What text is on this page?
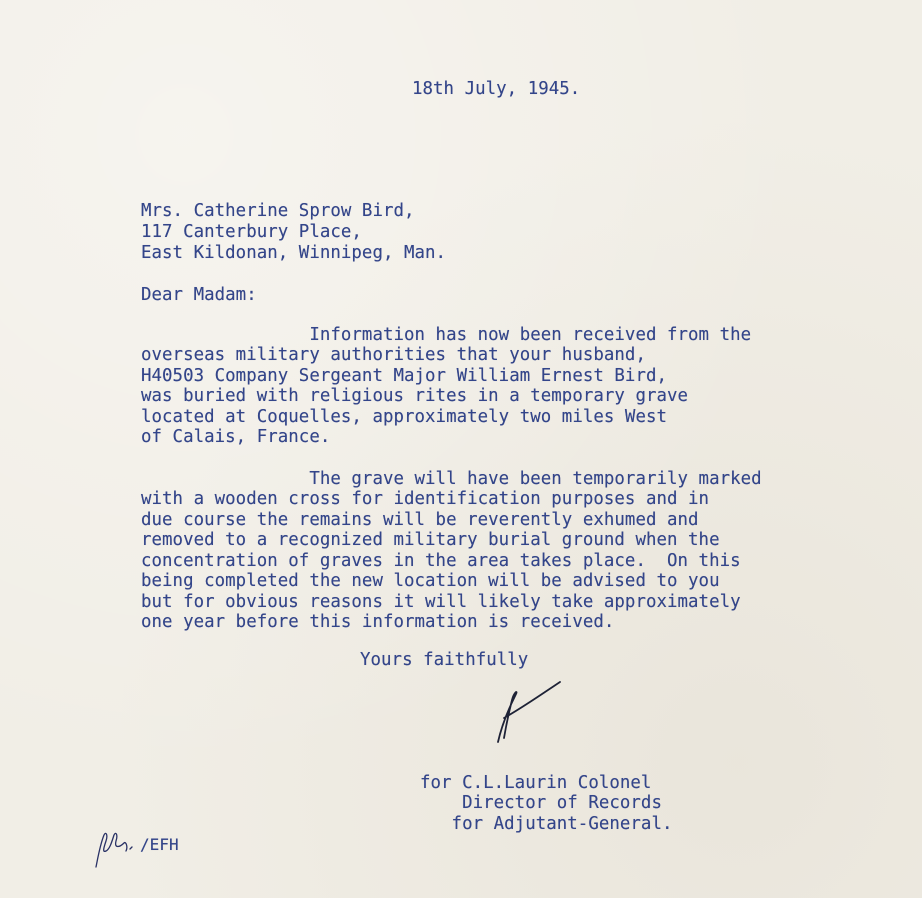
18th July, 1945.
Mrs. Catherine Sprow Bird,
117 Canterbury Place,
East Kildonan, Winnipeg, Man.
Dear Madam:
Information has now been received from the
overseas military authorities that your husband,
H40503 Company Sergeant Major William Ernest Bird,
was buried with religious rites in a temporary grave
located at Coquelles, approximately two miles West
of Calais, France.
The grave will have been temporarily marked
with a wooden cross for identification purposes and in
due course the remains will be reverently exhumed and
removed to a recognized military burial ground when the
concentration of graves in the area takes place.  On this
being completed the new location will be advised to you
but for obvious reasons it will likely take approximately
one year before this information is received.
Yours faithfully
for C.L.Laurin Colonel
Director of Records
for Adjutant-General.
/EFH
